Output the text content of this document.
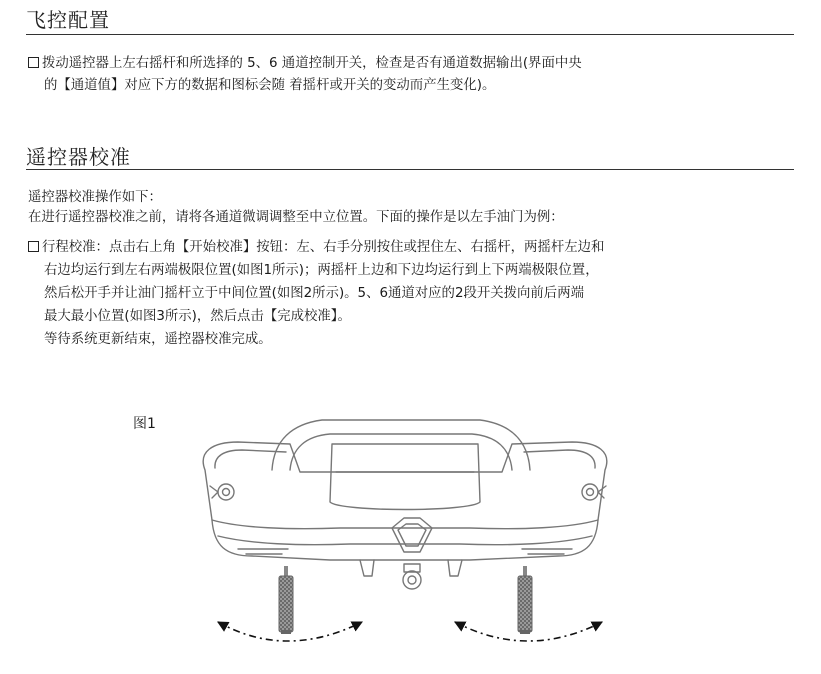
飞控配置
拨动遥控器上左右摇杆和所选择的 5、6 通道控制开关，检查是否有通道数据输出(界面中央
的【通道值】对应下方的数据和图标会随 着摇杆或开关的变动而产生变化)。
遥控器校准
遥控器校准操作如下：
在进行遥控器校准之前，请将各通道微调调整至中立位置。下面的操作是以左手油门为例：
行程校准：点击右上角【开始校准】按钮：左、右手分别按住或捏住左、右摇杆，两摇杆左边和
右边均运行到左右两端极限位置(如图1所示)；两摇杆上边和下边均运行到上下两端极限位置，
然后松开手并让油门摇杆立于中间位置(如图2所示)。5、6通道对应的2段开关拨向前后两端
最大最小位置(如图3所示)，然后点击【完成校准】。
等待系统更新结束，遥控器校准完成。
图1
